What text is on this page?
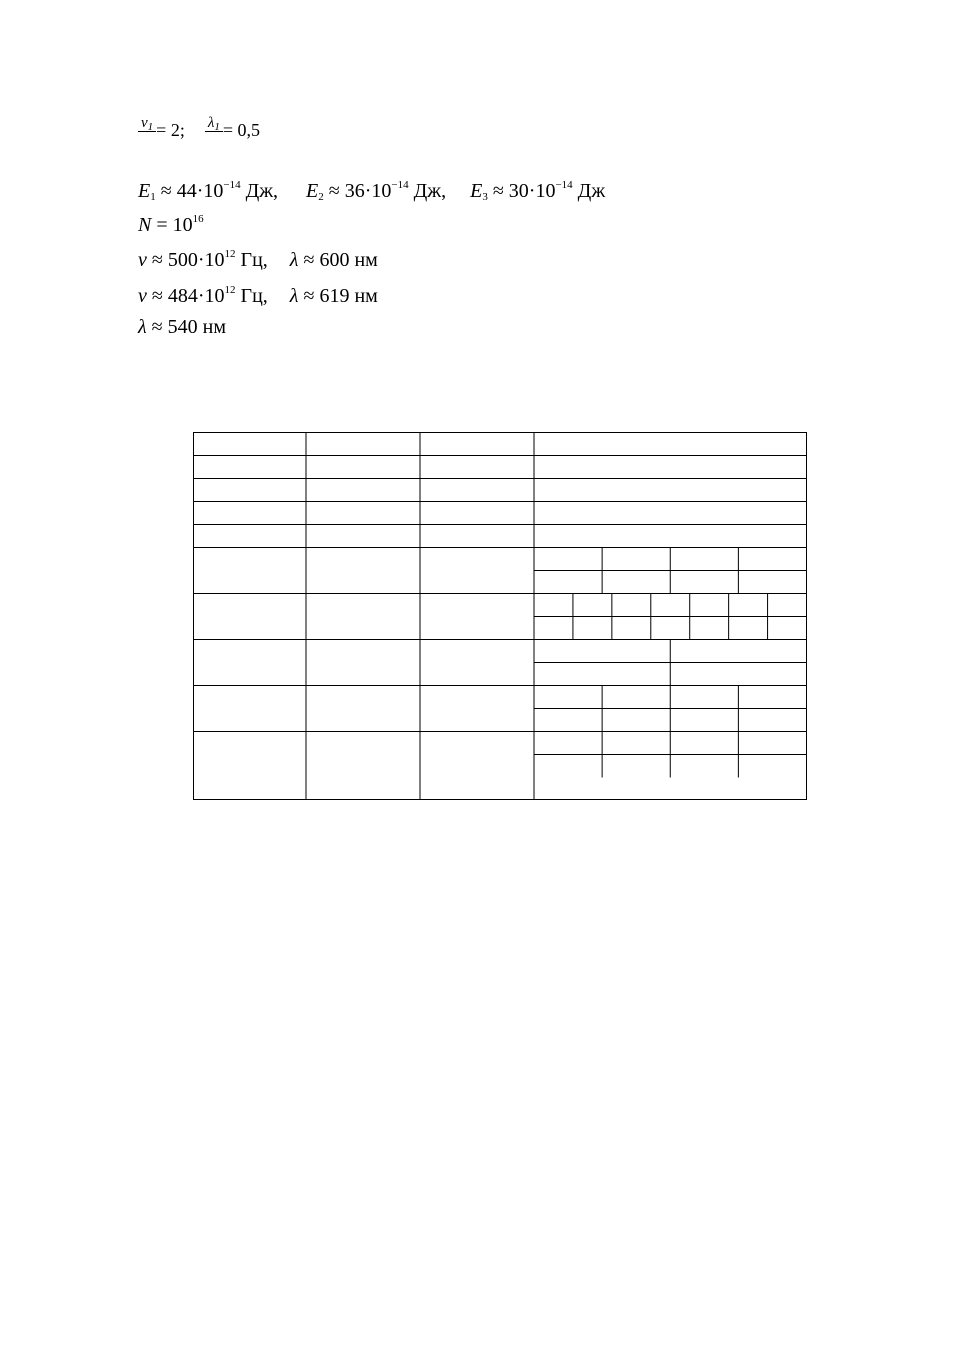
$\nu_1 = 2$; $\lambda_1 = 0,5$
$E_1 \approx 44\cdot 10^{-14}$ Дж, $E_2 \approx 36\cdot 10^{-14}$ Дж, $E_3 \approx 30\cdot 10^{-14}$ Дж
$N = 10^{16}$
$\nu \approx 500\cdot 10^{12}$ Гц, λ ≈ 600 нм
$\nu \approx 484\cdot 10^{12}$ Гц, λ ≈ 619 нм
λ ≈ 540 нм
